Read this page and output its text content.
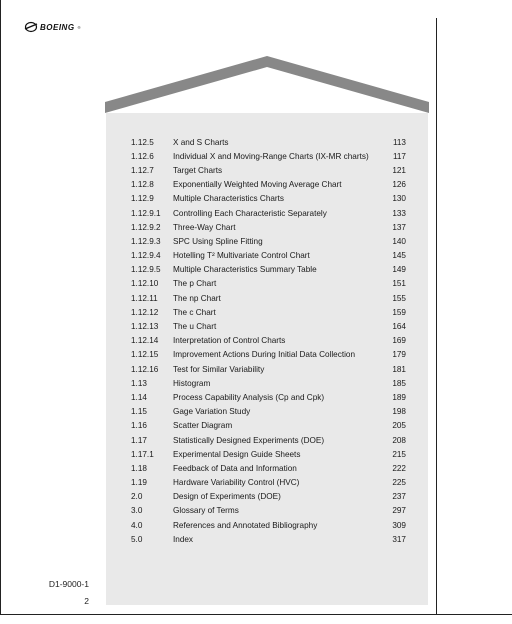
BOEING ®
1.12.5	$\overline{X}$ and S Charts	113
1.12.6	Individual X and Moving-Range Charts (IX-MR charts)	117
1.12.7	Target Charts	121
1.12.8	Exponentially Weighted Moving Average Chart	126
1.12.9	Multiple Characteristics Charts	130
1.12.9.1	Controlling Each Characteristic Separately	133
1.12.9.2	Three-Way Chart	137
1.12.9.3	SPC Using Spline Fitting	140
1.12.9.4	Hotelling T² Multivariate Control Chart	145
1.12.9.5	Multiple Characteristics Summary Table	149
1.12.10	The p Chart	151
1.12.11	The np Chart	155
1.12.12	The c Chart	159
1.12.13	The u Chart	164
1.12.14	Interpretation of Control Charts	169
1.12.15	Improvement Actions During Initial Data Collection	179
1.12.16	Test for Similar Variability	181
1.13	Histogram	185
1.14	Process Capability Analysis (Cp and Cpk)	189
1.15	Gage Variation Study	198
1.16	Scatter Diagram	205
1.17	Statistically Designed Experiments (DOE)	208
1.17.1	Experimental Design Guide Sheets	215
1.18	Feedback of Data and Information	222
1.19	Hardware Variability Control (HVC)	225
2.0	Design of Experiments (DOE)	237
3.0	Glossary of Terms	297
4.0	References and Annotated Bibliography	309
5.0	Index	317
D1-9000-1
2
